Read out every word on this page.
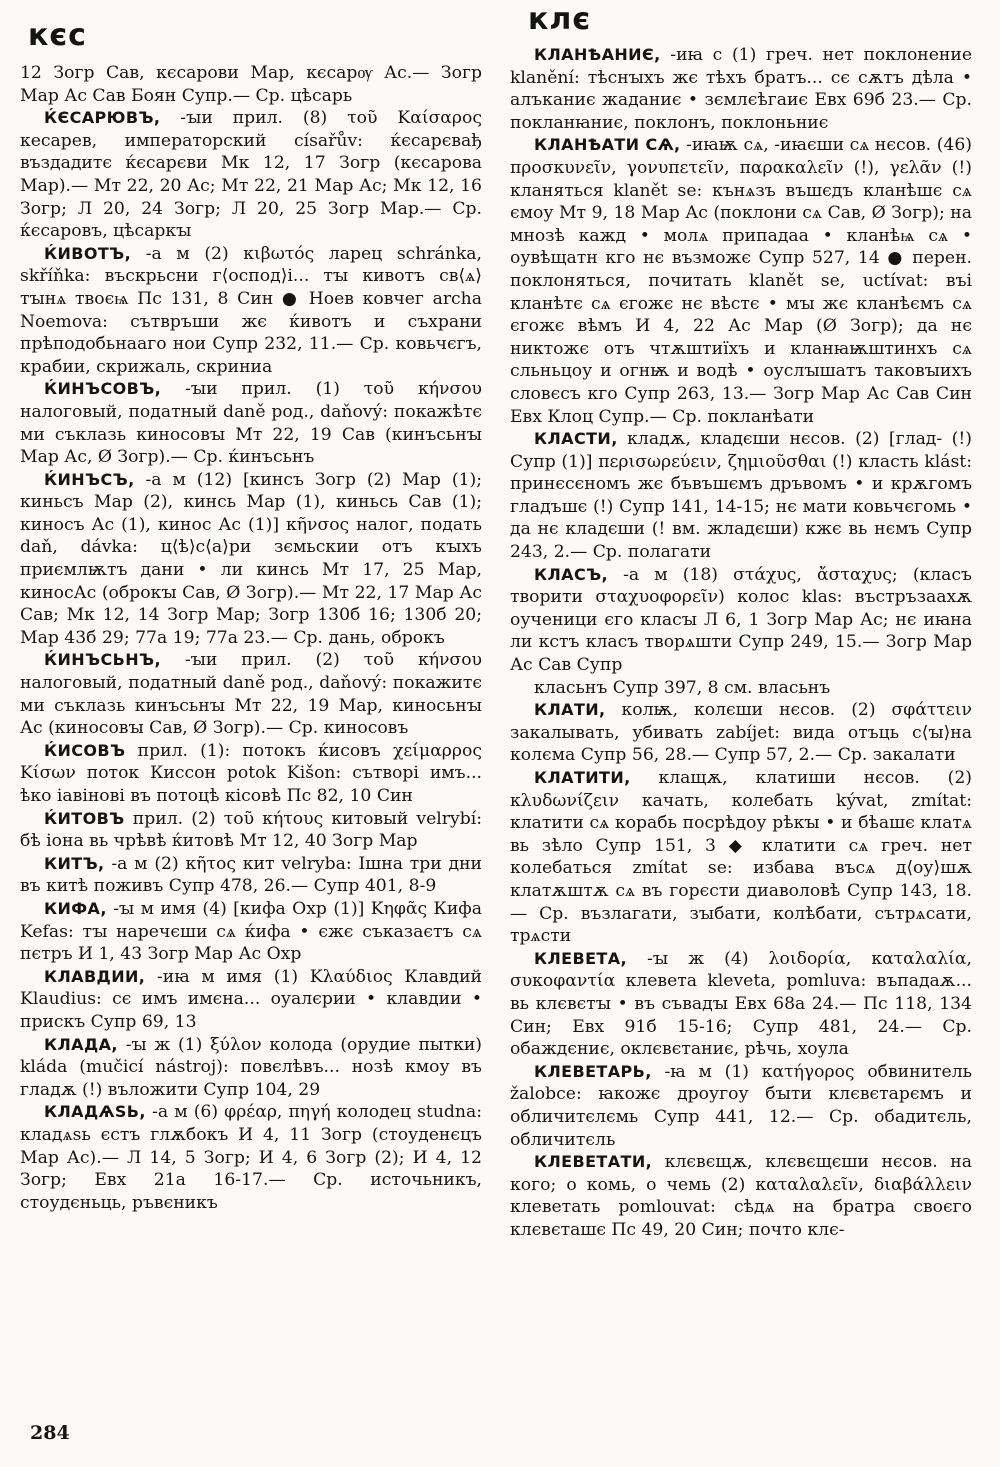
кєс	клє

12 Зогр Сав, кєсарови Мар, кєсарѹ Ас.— Зогр Мар Ас Сав Боян Супр.— Ср. цѣсарь

ЌЄСАРЮВЪ, -ꙑи прил. (8) τοῦ Καίσαρος кесарев, императорский císařův: ќєсарєвађ въздадитє ќєсарєви Мк 12, 17 Зогр (кєсарова Мар).— Мт 22, 20 Ас; Мт 22, 21 Мар Ас; Мк 12, 16 Зогр; Л 20, 24 Зогр; Л 20, 25 Зогр Мар.— Ср. ќєсаровъ, цѣсаркꙑ

ЌИВОТЪ, -а м (2) κιβωτός ларец schránka, skříňka: въскрьсни г⟨оспод⟩і... тꙑ кивотъ св⟨ѧ⟩тꙑнѧ твоєѩ Пс 131, 8 Син ● Ноев ковчег archa Noemova: сътвръши жє ќивотъ и съхрани прѣподобьнааго нои Супр 232, 11.— Ср. ковьчєгъ, крабии, скрижаль, скриниа

ЌИНЪСОВЪ, -ꙑи прил. (1) τοῦ κήνσου налоговый, податный daně род., daňový: покажѣтє ми съклазь киносовꙑ Мт 22, 19 Сав (кинъсьнꙑ Мар Ас, Ø Зогр).— Ср. ќинъсьнъ

ЌИНЪСЪ, -а м (12) [кинсъ Зогр (2) Мар (1); киньсъ Мар (2), кинсь Мар (1), киньсь Сав (1); киносъ Ас (1), кинос Ас (1)] κῆνσος налог, подать daň, dávka: ц⟨ѣ⟩с⟨а⟩ри зємьскии отъ кꙑхъ приємлѭтъ дани • ли кинсь Мт 17, 25 Мар, киносАс (оброкꙑ Сав, Ø Зогр).— Мт 22, 17 Мар Ас Сав; Мк 12, 14 Зогр Мар; Зогр 130б 16; 130б 20; Мар 43б 29; 77а 19; 77а 23.— Ср. дань, оброкъ

ЌИНЪСЬНЪ, -ꙑи прил. (2) τοῦ κήνσου налоговый, податный daně род., daňový: покажитє ми съклазь кинъсьнꙑ Мт 22, 19 Мар, киносьнꙑ Ас (киносовꙑ Сав, Ø Зогр).— Ср. киносовъ

ЌИСОВЪ прил. (1): потокъ ќисовъ χείμαρρος Κίσων поток Киссон potok Kišon: сътворі имъ... ѣко іавінові въ потоцѣ кісовѣ Пс 82, 10 Син

ЌИТОВЪ прил. (2) τοῦ κήτους китовый velrybí: бѣ іона вь чрѣвѣ ќитовѣ Мт 12, 40 Зогр Мар

КИТЪ, -а м (2) κῆτος кит velryba: Ішна три дни въ китѣ поживъ Супр 478, 26.— Супр 401, 8-9

КИФА, -ꙑ м имя (4) [кифа Охр (1)] Κηφᾶς Кифа Kefas: тꙑ наречєши сѧ ќифа • єжє съказаєтъ сѧ пєтръ И 1, 43 Зогр Мар Ас Охр

КЛАВДИИ, -иꙗ м имя (1) Κλαύδιος Клавдий Klaudius: сє имъ имєна... оуалєрии • клавдии • прискъ Супр 69, 13

КЛАДА, -ꙑ ж (1) ξύλον колода (орудие пытки) kláda (mučicí nástroj): повєлѣвъ... нозѣ кмоу въ гладѫ (!) въложити Супр 104, 29

КЛАДѦЅЬ, -а м (6) φρέαρ, πηγή колодец studna: кладѧѕь єстъ глѫбокъ И 4, 11 Зогр (стоуденєцъ Мар Ас).— Л 14, 5 Зогр; И 4, 6 Зогр (2); И 4, 12 Зогр; Евх 21а 16-17.— Ср. источьникъ, стоудєньць, ръвєникъ

КЛАНѢАНИЄ, -иꙗ с (1) греч. нет поклонение klanění: тѣснꙑхъ жє тѣхъ братъ... сє сѫтъ дѣла • алъканиє жаданиє • зємлєѣгаиє Евх 69б 23.— Ср. покланꙗниє, поклонъ, поклоньниє

КЛАНѢАТИ СѦ, -иꙗѭ сѧ, -иꙗєши сѧ нєсов. (46) προσκυνεῖν, γονυπετεῖν, παρακαλεῖν (!), γελᾶν (!) кланяться klanět se: кънѧзъ въшєдъ кланѣшє сѧ ємоу Мт 9, 18 Мар Ас (поклони сѧ Сав, Ø Зогр); на мнозѣ кажд • молѧ припадаа • кланѣѩ сѧ • оувѣщатн кго нє възможє Супр 527, 14 ● перен. поклоняться, почитать klanět se, uctívat: въі кланѣтє сѧ єгожє нє вѣстє • мꙑ жє кланѣємъ сѧ єгожє вѣмъ И 4, 22 Ас Мар (Ø Зогр); да нє никтожє отъ чтѫштиїхъ и кланꙗѭштинхъ сѧ сльньцоу и огнѭ и водѣ • оуслꙑшатъ таковꙑихъ словєсъ кго Супр 263, 13.— Зогр Мар Ас Сав Син Евх Клоц Супр.— Ср. покланѣати

КЛАСТИ, кладѫ, кладєши нєсов. (2) [глад- (!) Супр (1)] περισωρεύειν, ζημιοῦσθαι (!) класть klást: принєсєномъ жє бъвъшємъ дръвомъ • и крѫгомъ гладъшє (!) Супр 141, 14-15; нє мати ковьчєгомь • да нє кладєши (! вм. жладєши) кжє вь нємъ Супр 243, 2.— Ср. полагати

КЛАСЪ, -а м (18) στάχυς, ἄσταχυς; (класъ творити σταχυοφορεῖν) колос klas: въстръзаахѫ оученици єго класꙑ Л 6, 1 Зогр Мар Ас; нє иꙗна ли кстъ класъ творѧшти Супр 249, 15.— Зогр Мар Ас Сав Супр

класьнъ Супр 397, 8 см. власьнъ

КЛАТИ, колѭ, колєши нєсов. (2) σφάττειν закалывать, убивать zabíjet: вида отъць с⟨ꙑ⟩на колєма Супр 56, 28.— Супр 57, 2.— Ср. закалати

КЛАТИТИ, клащѫ, клатиши нєсов. (2) κλυδωνίζειν качать, колебать kývat, zmítat: клатити сѧ корабь посрѣдоу рѣкꙑ • и бѣашє клатѧ вь зѣло Супр 151, 3 ◆ клатити сѧ греч. нет колебаться zmítat se: избава въсѧ д⟨оу⟩шѫ клатѫштѫ сѧ въ горєсти диаволовѣ Супр 143, 18.— Ср. възлагати, зꙑбати, колѣбати, сътрѧсати, трѧсти

КЛЕВЕТА, -ꙑ ж (4) λοιδορία, καταλαλία, συκοφαντία клевета kleveta, pomluva: въпадаѫ... вь клєвєтꙑ • въ съвадꙑ Евх 68а 24.— Пс 118, 134 Син; Евх 91б 15-16; Супр 481, 24.— Ср. обаждєниє, оклєвєтаниє, рѣчь, хоула

КЛЕВЕТАРЬ, -ꙗ м (1) κατήγορος обвинитель žalobce: ꙗкожє дроугоу бꙑти клєвєтарємъ и обличитєлємь Супр 441, 12.— Ср. обадитєль, обличитєль

КЛЕВЕТАТИ, клєвєщѫ, клєвєщєши нєсов. на кого; о комь, о чемь (2) καταλαλεῖν, διαβάλλειν клеветать pomlouvat: сѣдѧ на братра своєго клєвєташє Пс 49, 20 Син; почто клє-

284
